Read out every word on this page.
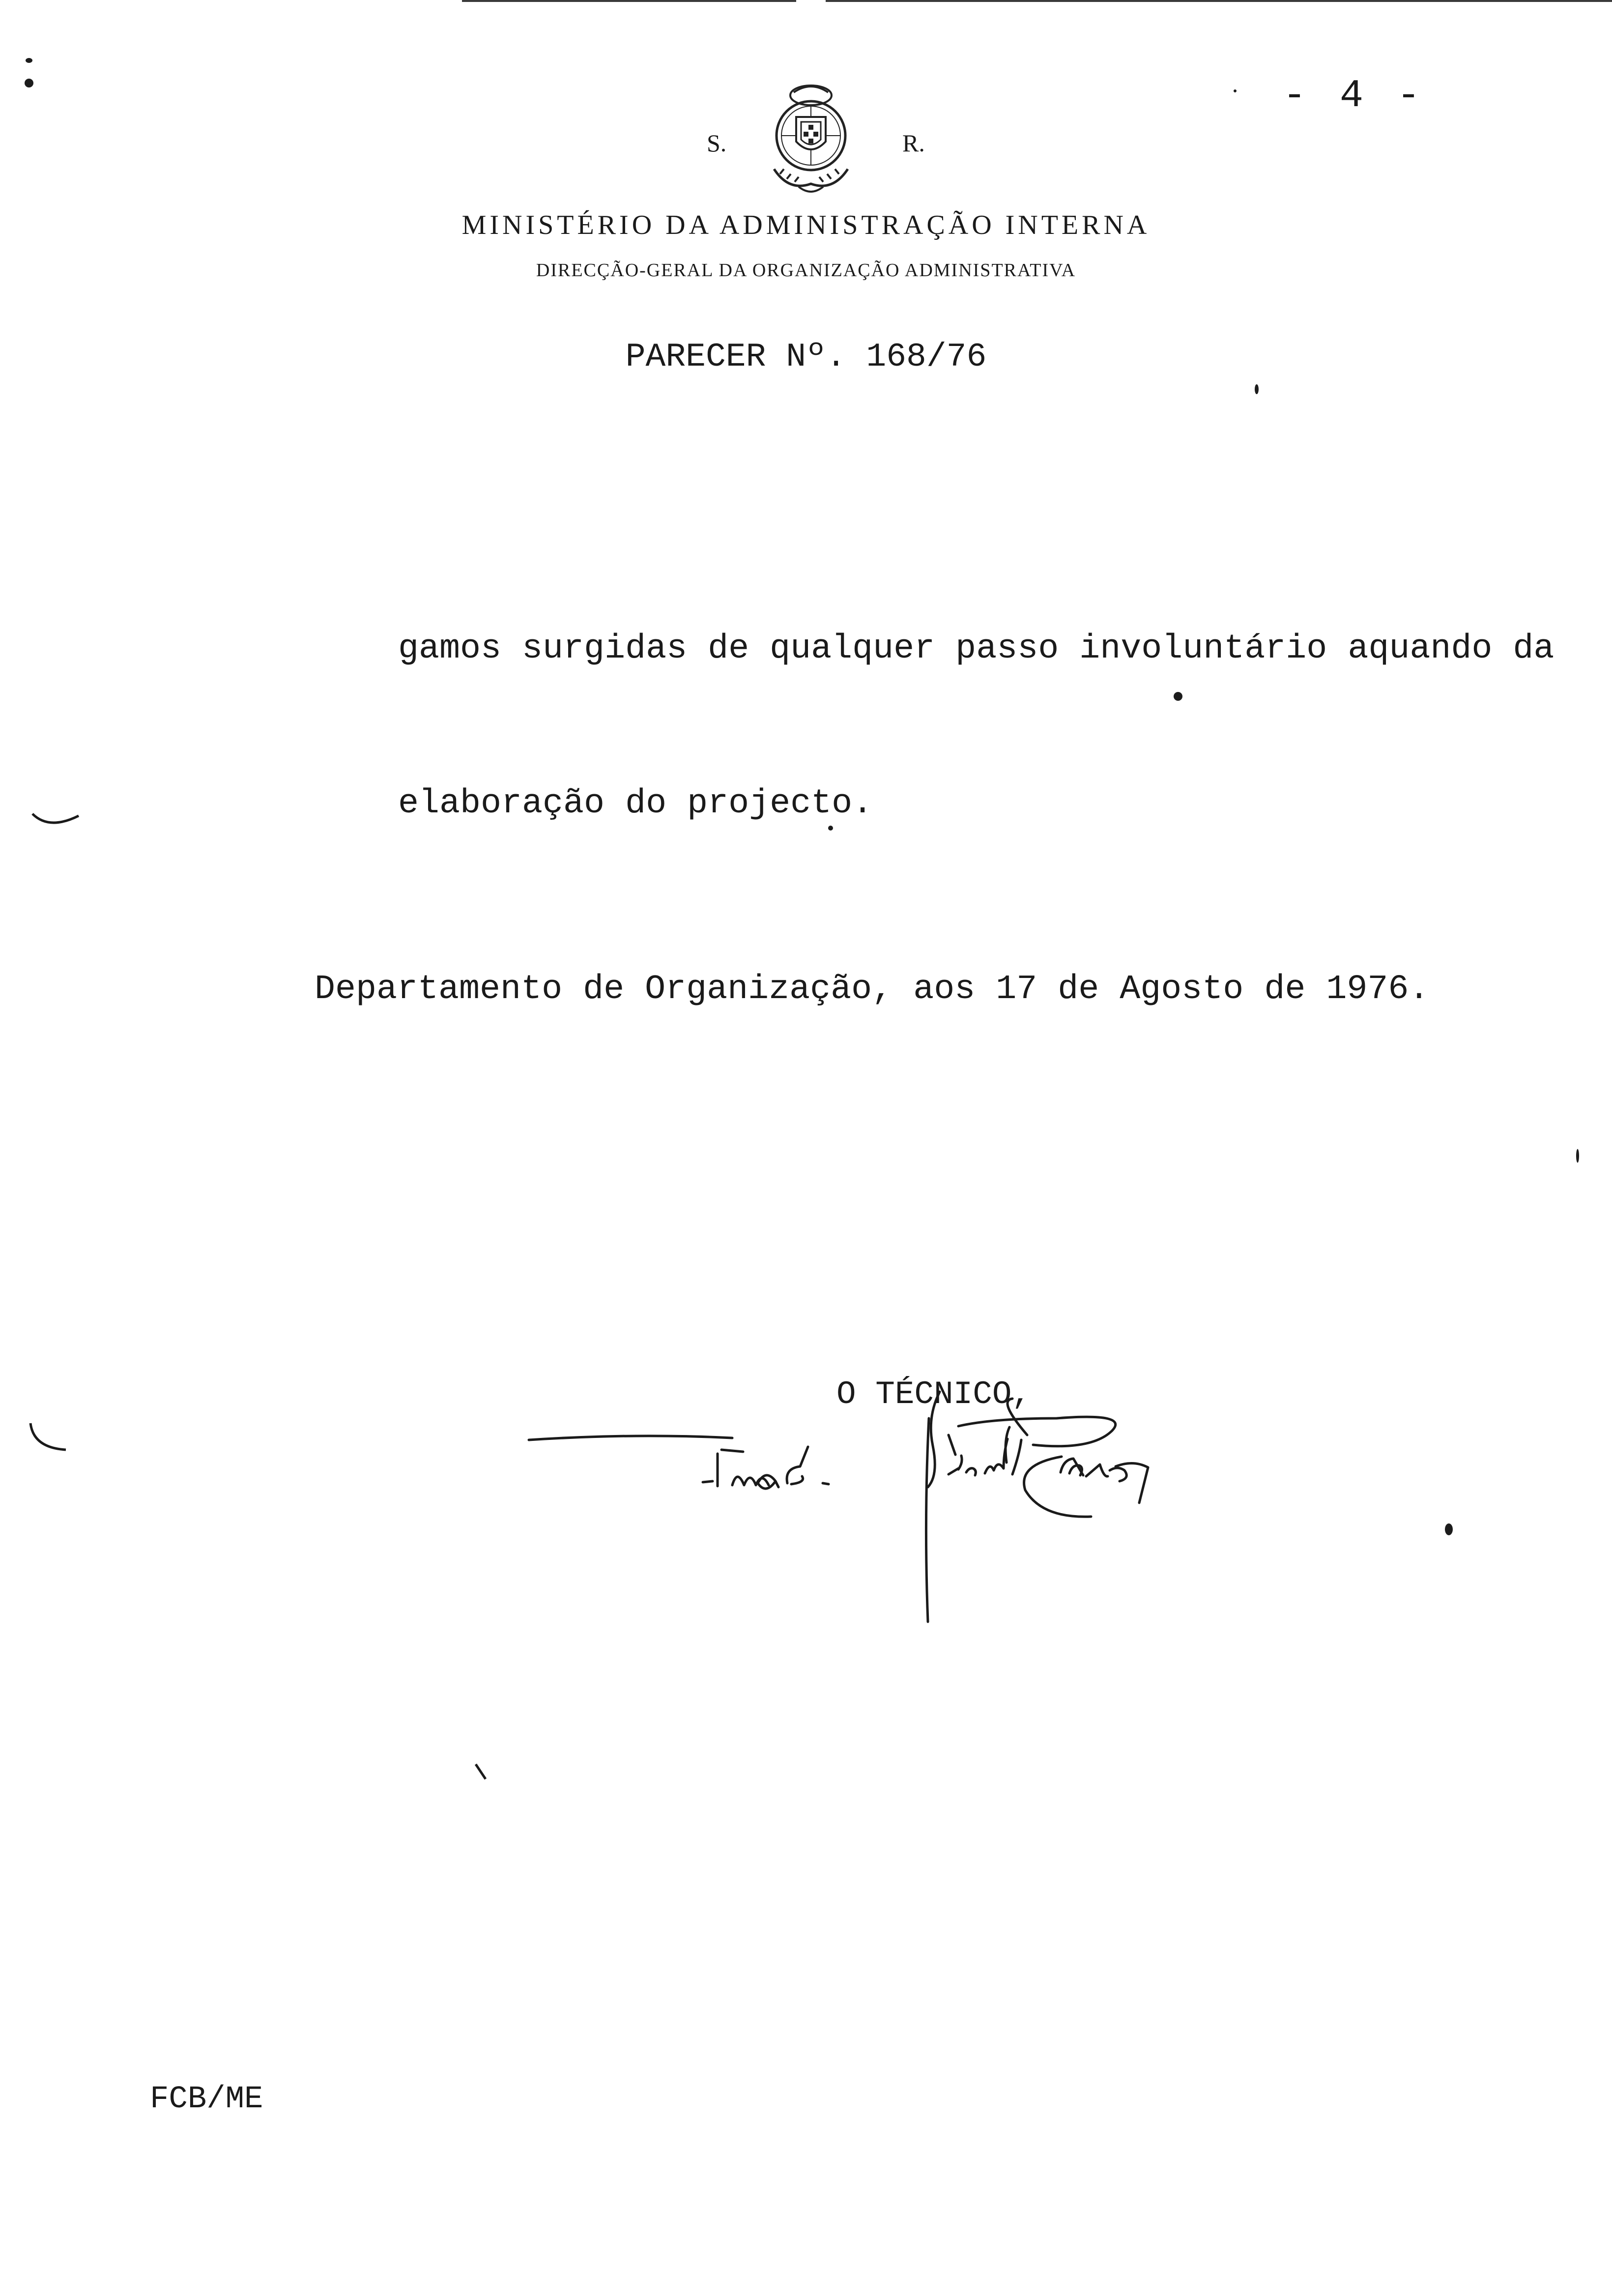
- 4 -
S.	R.
MINISTÉRIO DA ADMINISTRAÇÃO INTERNA
DIRECÇÃO-GERAL DA ORGANIZAÇÃO ADMINISTRATIVA
PARECER Nº. 168/76

gamos surgidas de qualquer passo involuntário aquando da

elaboração do projecto.

Departamento de Organização, aos 17 de Agosto de 1976.
O TÉCNICO,
FCB/ME
